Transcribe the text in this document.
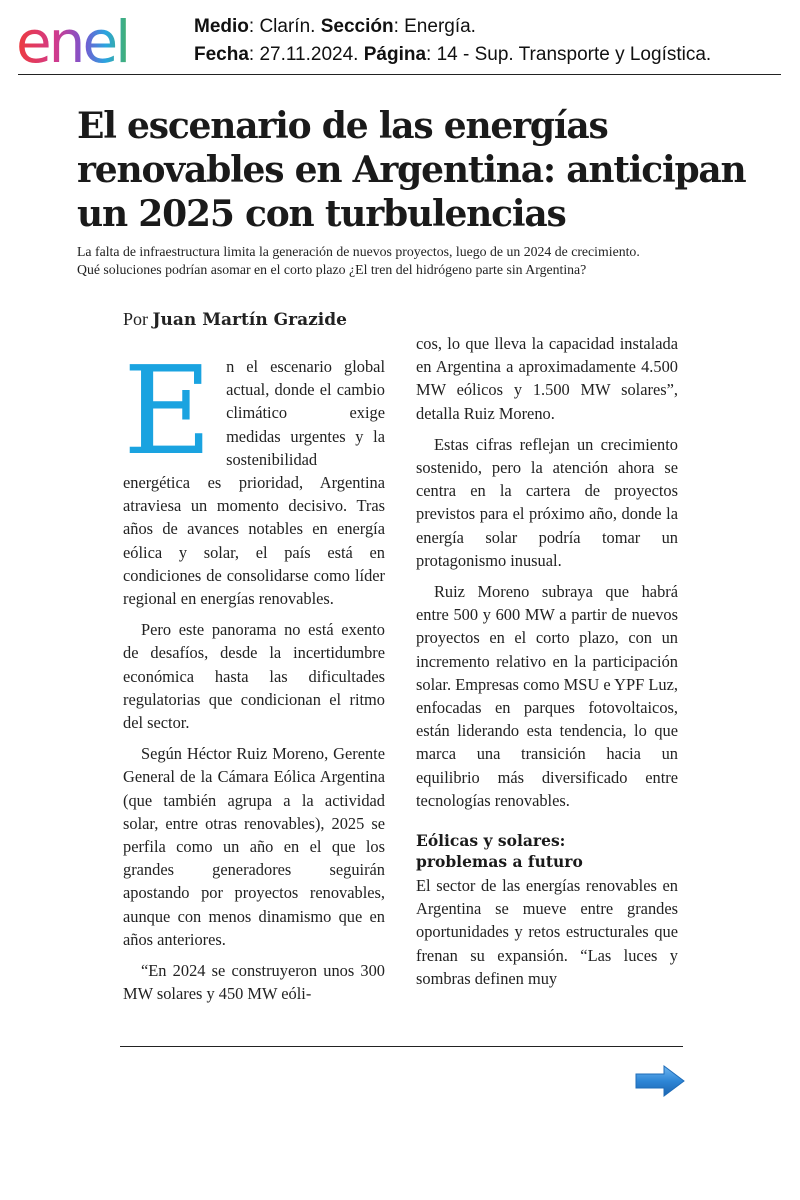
enel	Medio: Clarín. Sección: Energía.
Fecha: 27.11.2024. Página: 14 - Sup. Transporte y Logística.
El escenario de las energías renovables en Argentina: anticipan un 2025 con turbulencias

La falta de infraestructura limita la generación de nuevos proyectos, luego de un 2024 de crecimiento.
Qué soluciones podrían asomar en el corto plazo ¿El tren del hidrógeno parte sin Argentina?

Por Juan Martín Grazide
E n el escenario global actual, donde el cambio climático exige medidas urgentes y la sostenibilidad energética es prioridad, Argentina atraviesa un momento decisivo. Tras años de avances notables en energía eólica y solar, el país está en condiciones de consolidarse como líder regional en energías renovables.

Pero este panorama no está exento de desafíos, desde la incertidumbre económica hasta las dificultades regulatorias que condicionan el ritmo del sector.

Según Héctor Ruiz Moreno, Gerente General de la Cámara Eólica Argentina (que también agrupa a la actividad solar, entre otras renovables), 2025 se perfila como un año en el que los grandes generadores seguirán apostando por proyectos renovables, aunque con menos dinamismo que en años anteriores.

“En 2024 se construyeron unos 300 MW solares y 450 MW eóli-

cos, lo que lleva la capacidad instalada en Argentina a aproximadamente 4.500 MW eólicos y 1.500 MW solares”, detalla Ruiz Moreno.

Estas cifras reflejan un crecimiento sostenido, pero la atención ahora se centra en la cartera de proyectos previstos para el próximo año, donde la energía solar podría tomar un protagonismo inusual.

Ruiz Moreno subraya que habrá entre 500 y 600 MW a partir de nuevos proyectos en el corto plazo, con un incremento relativo en la participación solar. Empresas como MSU e YPF Luz, enfocadas en parques fotovoltaicos, están liderando esta tendencia, lo que marca una transición hacia un equilibrio más diversificado entre tecnologías renovables.

Eólicas y solares:
problemas a futuro

El sector de las energías renovables en Argentina se mueve entre grandes oportunidades y retos estructurales que frenan su expansión. “Las luces y sombras definen muy
